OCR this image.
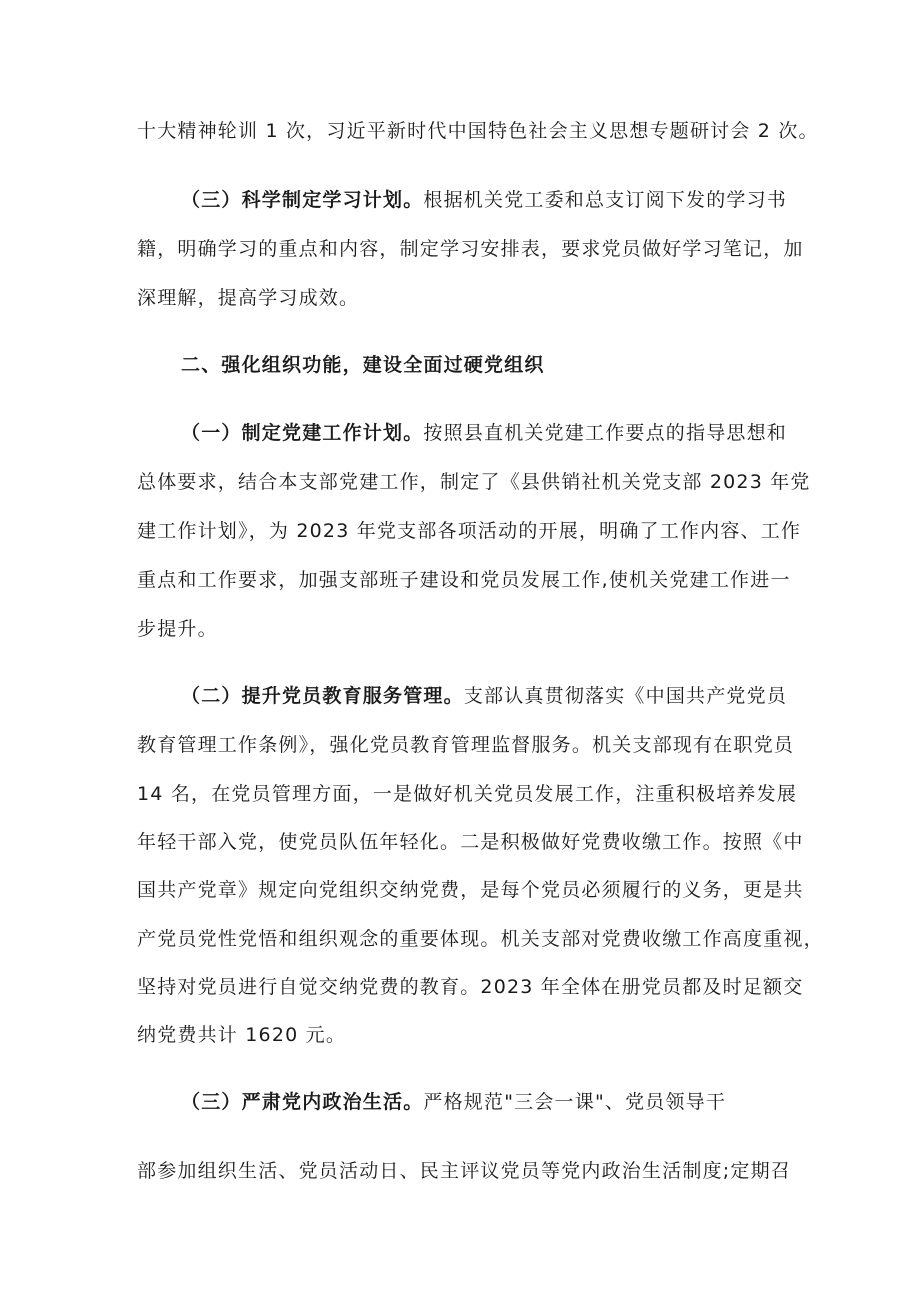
十大精神轮训 1 次，习近平新时代中国特色社会主义思想专题研讨会 2 次。
（三）科学制定学习计划。根据机关党工委和总支订阅下发的学习书
籍，明确学习的重点和内容，制定学习安排表，要求党员做好学习笔记，加
深理解，提高学习成效。
二、强化组织功能，建设全面过硬党组织
（一）制定党建工作计划。按照县直机关党建工作要点的指导思想和
总体要求，结合本支部党建工作，制定了《县供销社机关党支部 2023 年党
建工作计划》，为 2023 年党支部各项活动的开展，明确了工作内容、工作
重点和工作要求，加强支部班子建设和党员发展工作,使机关党建工作进一
步提升。
（二）提升党员教育服务管理。支部认真贯彻落实《中国共产党党员
教育管理工作条例》，强化党员教育管理监督服务。机关支部现有在职党员
14 名，在党员管理方面，一是做好机关党员发展工作，注重积极培养发展
年轻干部入党，使党员队伍年轻化。二是积极做好党费收缴工作。按照《中
国共产党章》规定向党组织交纳党费，是每个党员必须履行的义务，更是共
产党员党性党悟和组织观念的重要体现。机关支部对党费收缴工作高度重视，
坚持对党员进行自觉交纳党费的教育。2023 年全体在册党员都及时足额交
纳党费共计 1620 元。
（三）严肃党内政治生活。严格规范"三会一课"、党员领导干
部参加组织生活、党员活动日、民主评议党员等党内政治生活制度;定期召
